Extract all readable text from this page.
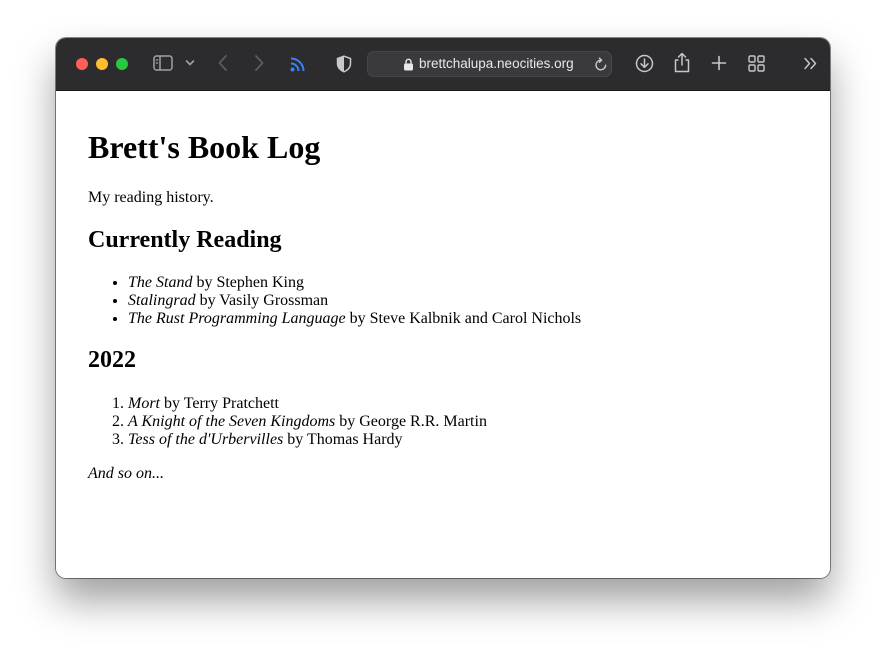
brettchalupa.neocities.org
Brett's Book Log

My reading history.

Currently Reading
• The Stand by Stephen King
• Stalingrad by Vasily Grossman
• The Rust Programming Language by Steve Kalbnik and Carol Nichols
2022
1. Mort by Terry Pratchett
2. A Knight of the Seven Kingdoms by George R.R. Martin
3. Tess of the d'Urbervilles by Thomas Hardy

And so on...
